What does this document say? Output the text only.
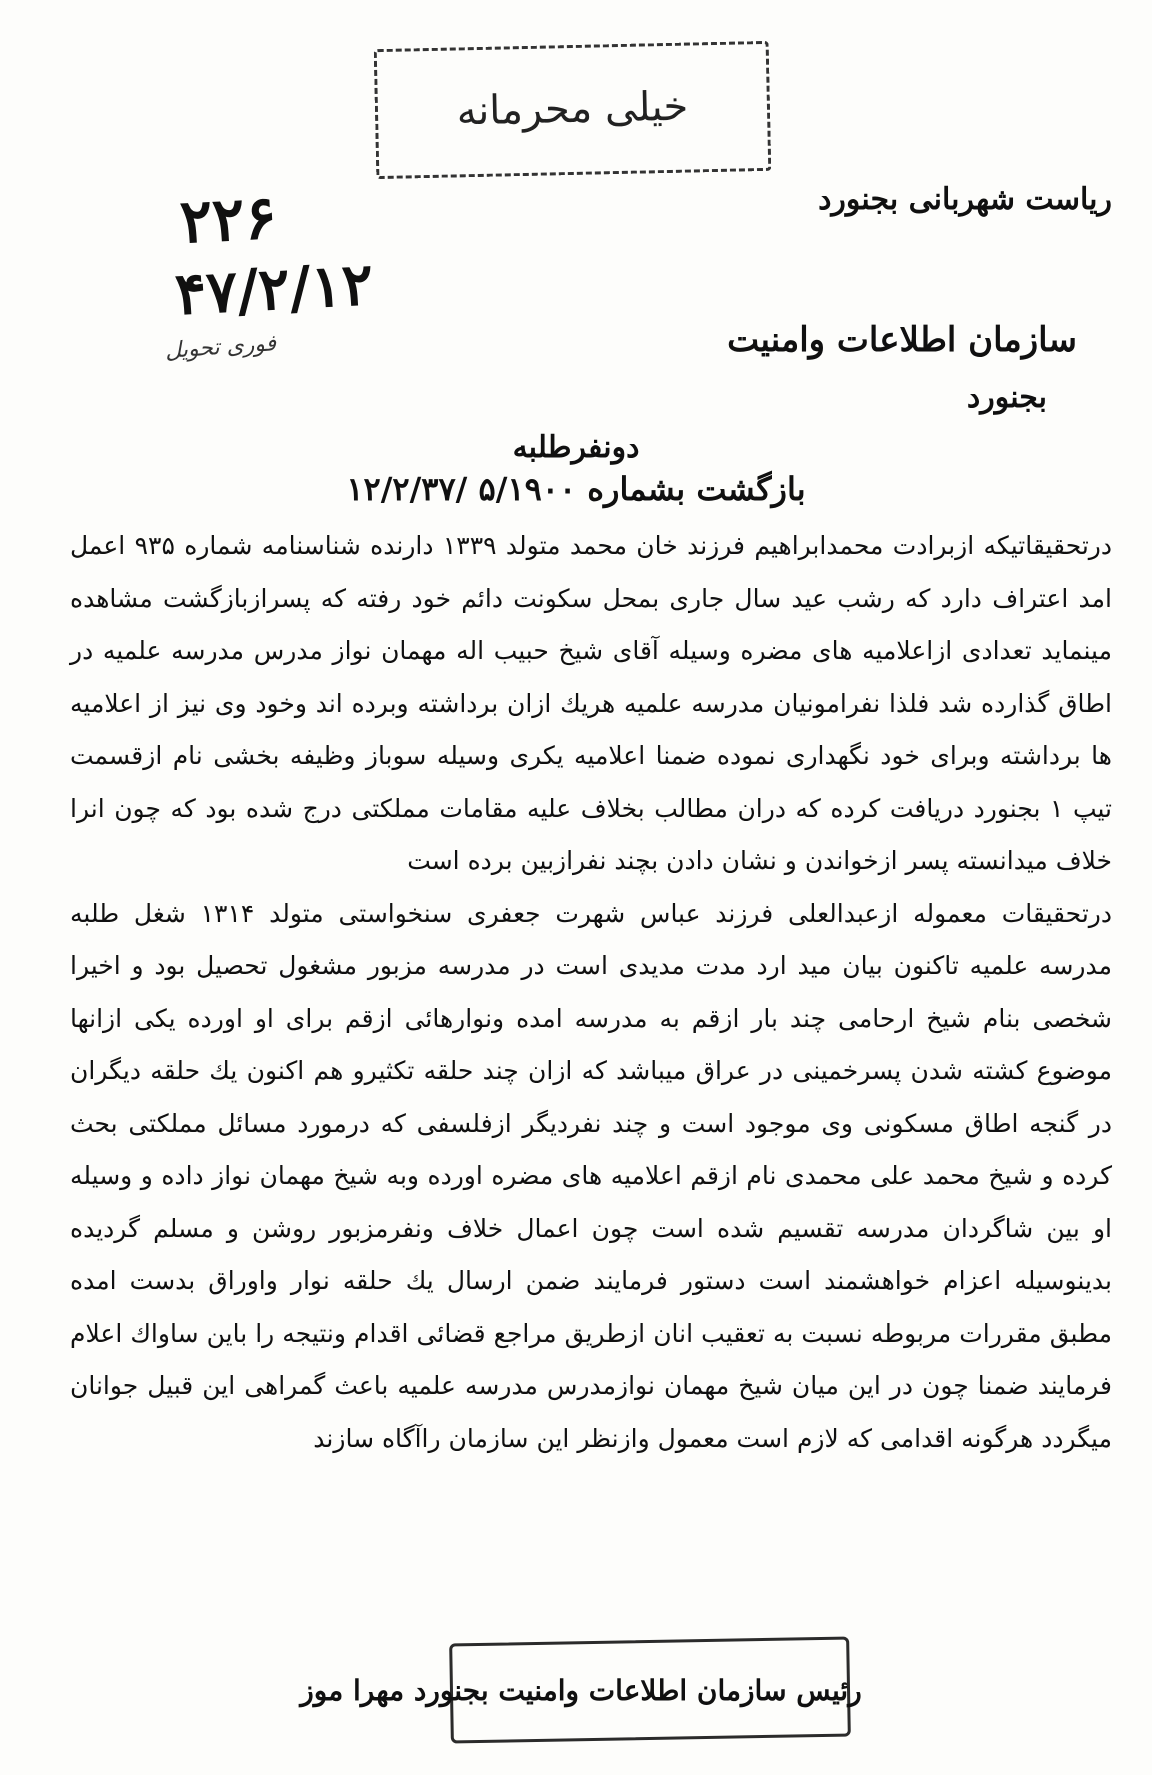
خیلی محرمانه
۲۲۶
۴۷/۲/۱۲
فوری تحویل
ریاست شهربانی بجنورد
سازمان اطلاعات وامنیت
بجنورد
دونفرطلبه
بازگشت بشماره ۵/۱۹۰۰ /۱۲/۲/۳۷

درتحقیقاتیکه ازبرادت محمدابراهیم فرزند خان محمد متولد ۱۳۳۹ دارنده شناسنامه شماره ۹۳۵ اعمل امد اعتراف دارد که رشب عید سال جاری بمحل سکونت دائم خود رفته که پسرازبازگشت مشاهده مینماید تعدادی ازاعلامیه های مضره وسیله آقای شیخ حبیب اله مهمان نواز مدرس مدرسه علمیه در اطاق گذارده شد فلذا نفرامونیان مدرسه علمیه هریك ازان برداشته وبرده اند وخود وی نیز از اعلامیه ها برداشته وبرای خود نگهداری نموده ضمنا اعلامیه یکری وسیله سوباز وظیفه بخشی نام ازقسمت تیپ ۱ بجنورد دریافت کرده که دران مطالب بخلاف علیه مقامات مملکتی درج شده بود که چون انرا خلاف میدانسته پسر ازخواندن و نشان دادن بچند نفرازبین برده است

درتحقیقات معموله ازعبدالعلی فرزند عباس شهرت جعفری سنخواستی متولد ۱۳۱۴ شغل طلبه مدرسه علمیه تاکنون بیان مید ارد مدت مدیدی است در مدرسه مزبور مشغول تحصیل بود و اخیرا شخصی بنام شیخ ارحامی چند بار ازقم به مدرسه امده ونوارهائی ازقم برای او اورده یکی ازانها موضوع کشته شدن پسرخمینی در عراق میباشد که ازان چند حلقه تکثیرو هم اکنون یك حلقه دیگران در گنجه اطاق مسکونی وی موجود است و چند نفردیگر ازفلسفی که درمورد مسائل مملکتی بحث کرده و شیخ محمد علی محمدی نام ازقم اعلامیه های مضره اورده وبه شیخ مهمان نواز داده و وسیله او بین شاگردان مدرسه تقسیم شده است چون اعمال خلاف ونفرمزبور روشن و مسلم گردیده بدینوسیله اعزام خواهشمند است دستور فرمایند ضمن ارسال یك حلقه نوار واوراق بدست امده مطبق مقررات مربوطه نسبت به تعقیب انان ازطریق مراجع قضائی اقدام ونتیجه را باین ساواك اعلام فرمایند ضمنا چون در این میان شیخ مهمان نوازمدرس مدرسه علمیه باعث گمراهی این قبیل جوانان میگردد هرگونه اقدامی که لازم است معمول وازنظر این سازمان راآگاه سازند

رئیس سازمان اطلاعات وامنیت بجنورد مهرا موز
